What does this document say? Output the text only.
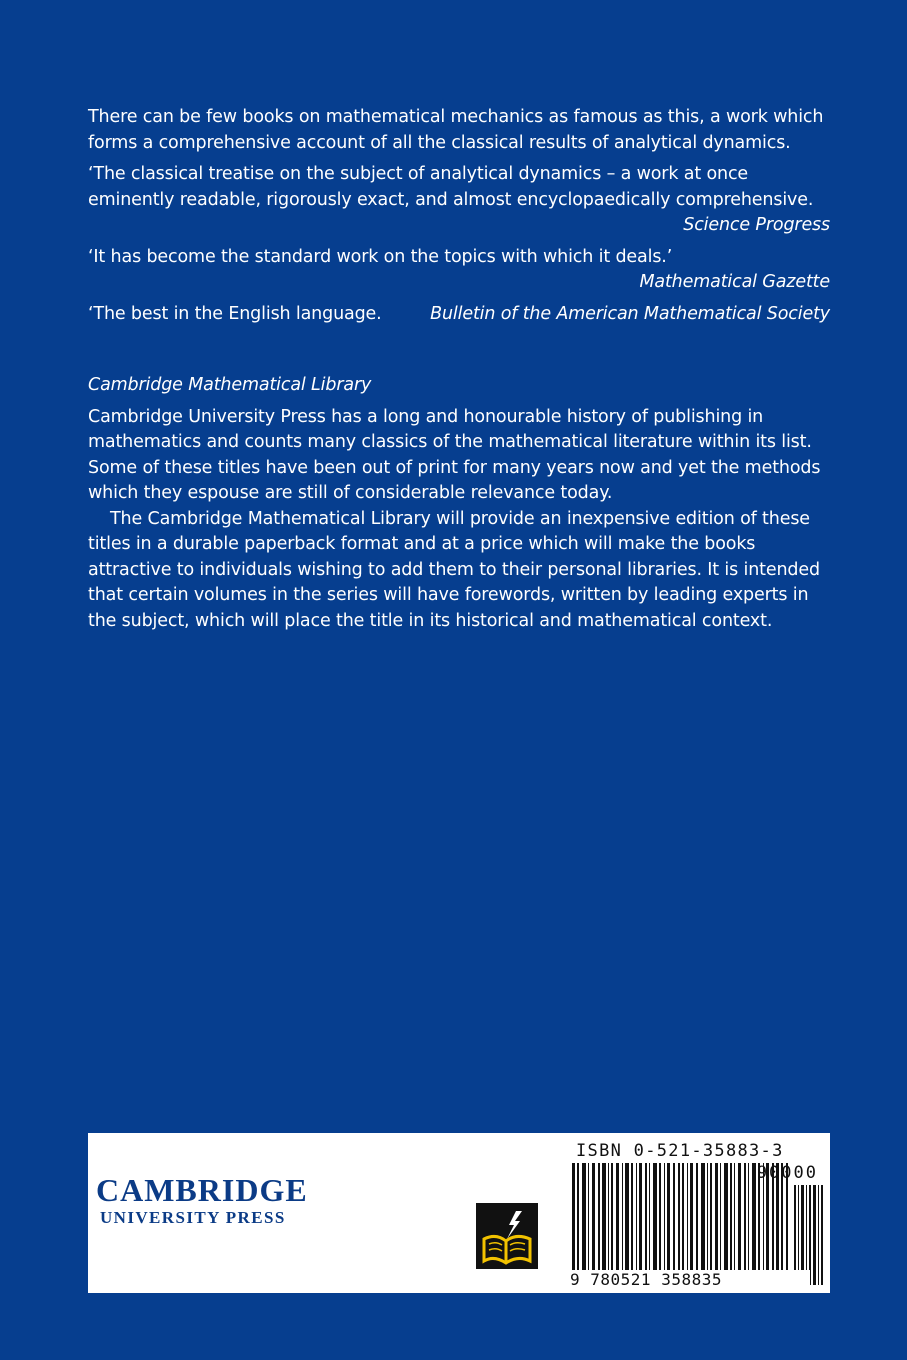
There can be few books on mathematical mechanics as famous as this, a work which forms a comprehensive account of all the classical results of analytical dynamics.

‘The classical treatise on the subject of analytical dynamics – a work at once eminently readable, rigorously exact, and almost encyclopaedically comprehensive.

Science Progress

‘It has become the standard work on the topics with which it deals.’

Mathematical Gazette

‘The best in the English language.	Bulletin of the American Mathematical Society

Cambridge Mathematical Library

Cambridge University Press has a long and honourable history of publishing in mathematics and counts many classics of the mathematical literature within its list. Some of these titles have been out of print for many years now and yet the methods which they espouse are still of considerable relevance today.

The Cambridge Mathematical Library will provide an inexpensive edition of these titles in a durable paperback format and at a price which will make the books attractive to individuals wishing to add them to their personal libraries. It is intended that certain volumes in the series will have forewords, written by leading experts in the subject, which will place the title in its historical and mathematical context.

CAMBRIDGE
UNIVERSITY PRESS
ISBN 0-521-35883-3
90000
9 780521 358835
